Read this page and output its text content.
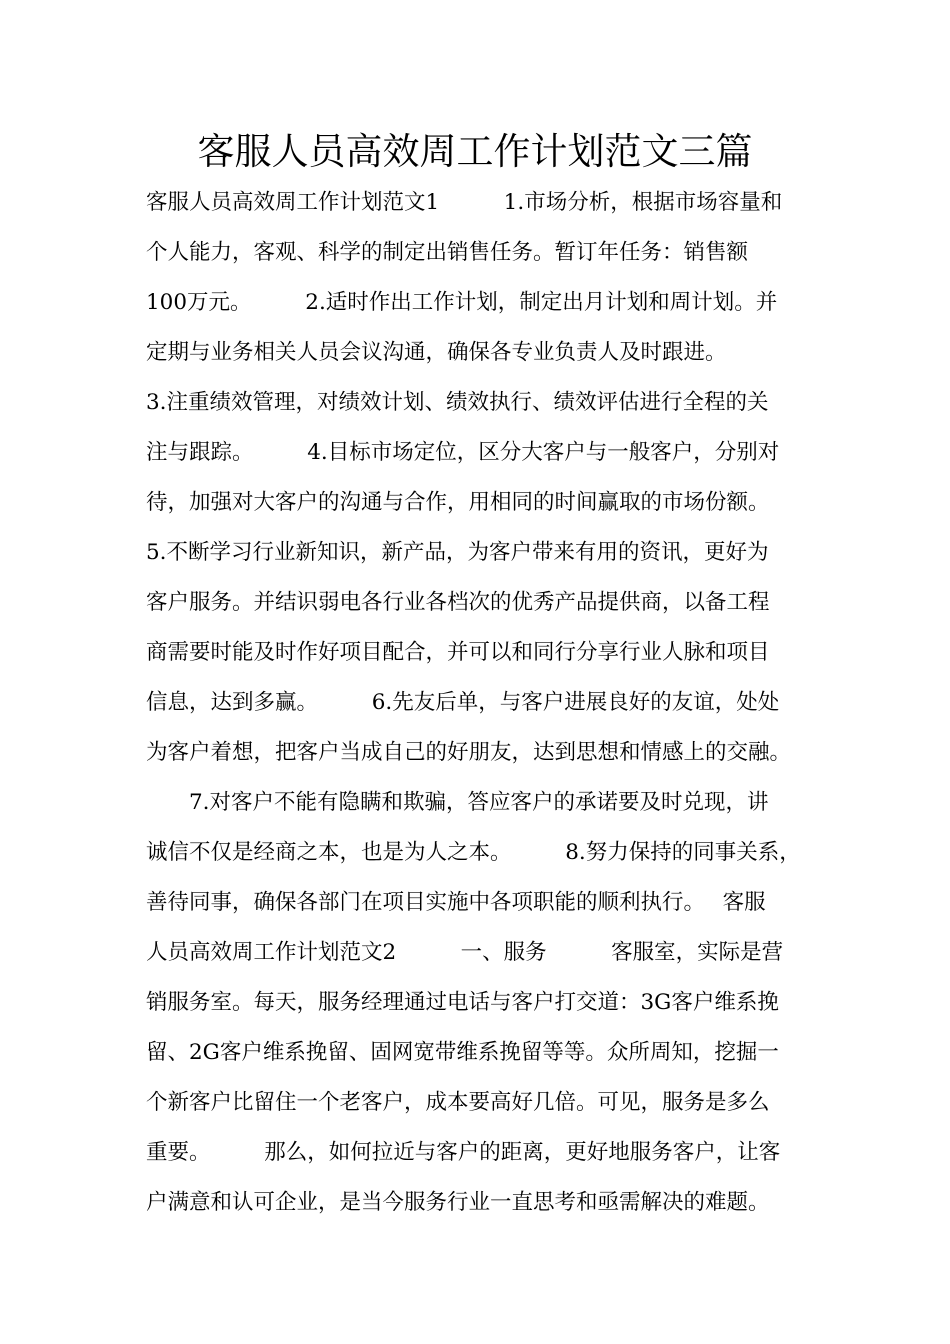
客服人员高效周工作计划范文三篇
客服人员高效周工作计划范文1　　　1.市场分析，根据市场容量和
个人能力，客观、科学的制定出销售任务。暂订年任务：销售额
100万元。　　　2.适时作出工作计划，制定出月计划和周计划。并
定期与业务相关人员会议沟通，确保各专业负责人及时跟进。
3.注重绩效管理，对绩效计划、绩效执行、绩效评估进行全程的关
注与跟踪。　　　4.目标市场定位，区分大客户与一般客户，分别对
待，加强对大客户的沟通与合作，用相同的时间赢取的市场份额。
5.不断学习行业新知识，新产品，为客户带来有用的资讯，更好为
客户服务。并结识弱电各行业各档次的优秀产品提供商，以备工程
商需要时能及时作好项目配合，并可以和同行分享行业人脉和项目
信息，达到多赢。　　　6.先友后单，与客户进展良好的友谊，处处
为客户着想，把客户当成自己的好朋友，达到思想和情感上的交融。
　　7.对客户不能有隐瞒和欺骗，答应客户的承诺要及时兑现，讲
诚信不仅是经商之本，也是为人之本。　　　8.努力保持的同事关系，
善待同事，确保各部门在项目实施中各项职能的顺利执行。　 客服
人员高效周工作计划范文2　　　一、服务　　　客服室，实际是营
销服务室。每天，服务经理通过电话与客户打交道：3G客户维系挽
留、2G客户维系挽留、固网宽带维系挽留等等。众所周知，挖掘一
个新客户比留住一个老客户，成本要高好几倍。可见，服务是多么
重要。　　　那么，如何拉近与客户的距离，更好地服务客户，让客
户满意和认可企业，是当今服务行业一直思考和亟需解决的难题。
